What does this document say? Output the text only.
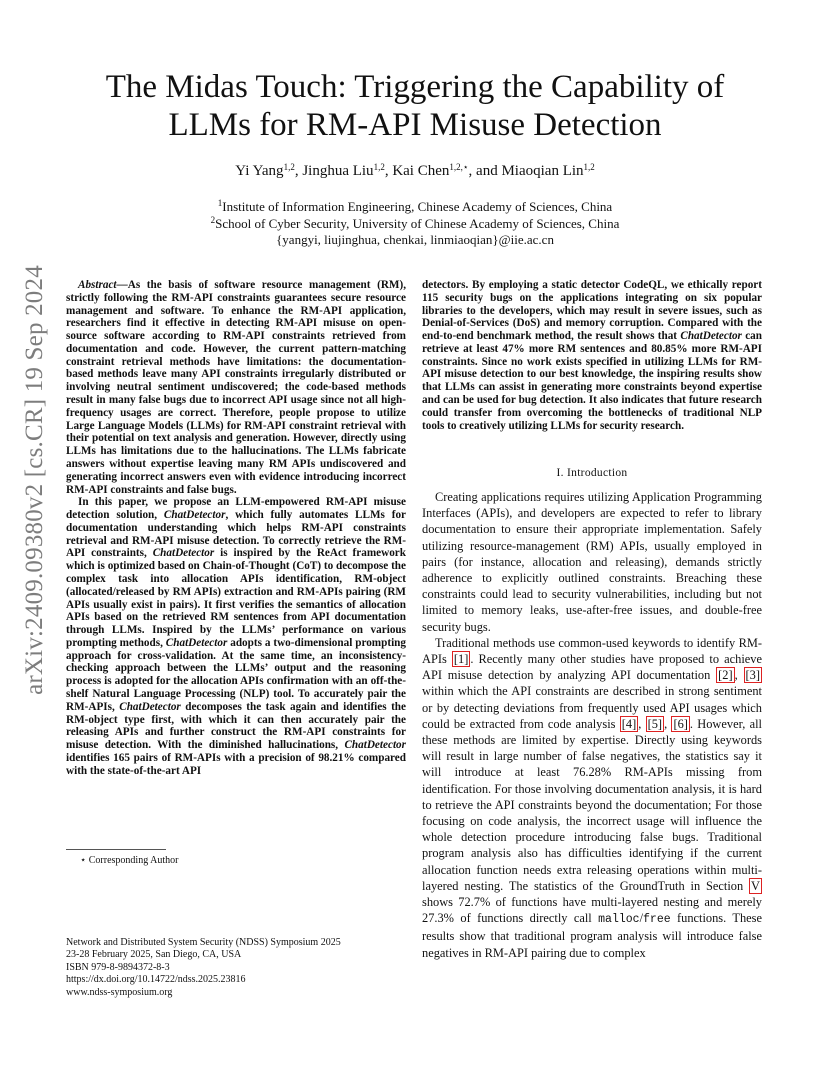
arXiv:2409.09380v2 [cs.CR] 19 Sep 2024
The Midas Touch: Triggering the Capability of
LLMs for RM-API Misuse Detection
Yi Yang$^{1,2}$, Jinghua Liu$^{1,2}$, Kai Chen$^{1,2,⋆}$, and Miaoqian Lin$^{1,2}$
$^1$Institute of Information Engineering, Chinese Academy of Sciences, China
$^2$School of Cyber Security, University of Chinese Academy of Sciences, China
{yangyi, liujinghua, chenkai, linmiaoqian}@iie.ac.cn

Abstract—As the basis of software resource management (RM), strictly following the RM-API constraints guarantees secure resource management and software. To enhance the RM-API application, researchers find it effective in detecting RM-API misuse on open-source software according to RM-API constraints retrieved from documentation and code. However, the current pattern-matching constraint retrieval methods have limitations: the documentation-based methods leave many API constraints irregularly distributed or involving neutral sentiment undiscovered; the code-based methods result in many false bugs due to incorrect API usage since not all high-frequency usages are correct. Therefore, people propose to utilize Large Language Models (LLMs) for RM-API constraint retrieval with their potential on text analysis and generation. However, directly using LLMs has limitations due to the hallucinations. The LLMs fabricate answers without expertise leaving many RM APIs undiscovered and generating incorrect answers even with evidence introducing incorrect RM-API constraints and false bugs.

In this paper, we propose an LLM-empowered RM-API misuse detection solution, ChatDetector, which fully automates LLMs for documentation understanding which helps RM-API constraints retrieval and RM-API misuse detection. To correctly retrieve the RM-API constraints, ChatDetector is inspired by the ReAct framework which is optimized based on Chain-of-Thought (CoT) to decompose the complex task into allocation APIs identification, RM-object (allocated/released by RM APIs) extraction and RM-APIs pairing (RM APIs usually exist in pairs). It first verifies the semantics of allocation APIs based on the retrieved RM sentences from API documentation through LLMs. Inspired by the LLMs’ performance on various prompting methods, ChatDetector adopts a two-dimensional prompting approach for cross-validation. At the same time, an inconsistency-checking approach between the LLMs’ output and the reasoning process is adopted for the allocation APIs confirmation with an off-the-shelf Natural Language Processing (NLP) tool. To accurately pair the RM-APIs, ChatDetector decomposes the task again and identifies the RM-object type first, with which it can then accurately pair the releasing APIs and further construct the RM-API constraints for misuse detection. With the diminished hallucinations, ChatDetector identifies 165 pairs of RM-APIs with a precision of 98.21% compared with the state-of-the-art API

⋆ Corresponding Author
Network and Distributed System Security (NDSS) Symposium 2025
23-28 February 2025, San Diego, CA, USA
ISBN 979-8-9894372-8-3
https://dx.doi.org/10.14722/ndss.2025.23816
www.ndss-symposium.org
detectors. By employing a static detector CodeQL, we ethically report 115 security bugs on the applications integrating on six popular libraries to the developers, which may result in severe issues, such as Denial-of-Services (DoS) and memory corruption. Compared with the end-to-end benchmark method, the result shows that ChatDetector can retrieve at least 47% more RM sentences and 80.85% more RM-API constraints. Since no work exists specified in utilizing LLMs for RM-API misuse detection to our best knowledge, the inspiring results show that LLMs can assist in generating more constraints beyond expertise and can be used for bug detection. It also indicates that future research could transfer from overcoming the bottlenecks of traditional NLP tools to creatively utilizing LLMs for security research.
I. Introduction

Creating applications requires utilizing Application Programming Interfaces (APIs), and developers are expected to refer to library documentation to ensure their appropriate implementation. Safely utilizing resource-management (RM) APIs, usually employed in pairs (for instance, allocation and releasing), demands strictly adherence to explicitly outlined constraints. Breaching these constraints could lead to security vulnerabilities, including but not limited to memory leaks, use-after-free issues, and double-free security bugs.

Traditional methods use common-used keywords to identify RM-APIs [1] . Recently many other studies have proposed to achieve API misuse detection by analyzing API documentation [2] , [3] within which the API constraints are described in strong sentiment or by detecting deviations from frequently used API usages which could be extracted from code analysis [4] , [5] , [6] . However, all these methods are limited by expertise. Directly using keywords will result in large number of false negatives, the statistics say it will introduce at least 76.28% RM-APIs missing from identification. For those involving documentation analysis, it is hard to retrieve the API constraints beyond the documentation; For those focusing on code analysis, the incorrect usage will influence the whole detection procedure introducing false bugs. Traditional program analysis also has difficulties identifying if the current allocation function needs extra releasing operations within multi-layered nesting. The statistics of the GroundTruth in Section V shows 72.7% of functions have multi-layered nesting and merely 27.3% of functions directly call malloc/free functions. These results show that traditional program analysis will introduce false negatives in RM-API pairing due to complex
